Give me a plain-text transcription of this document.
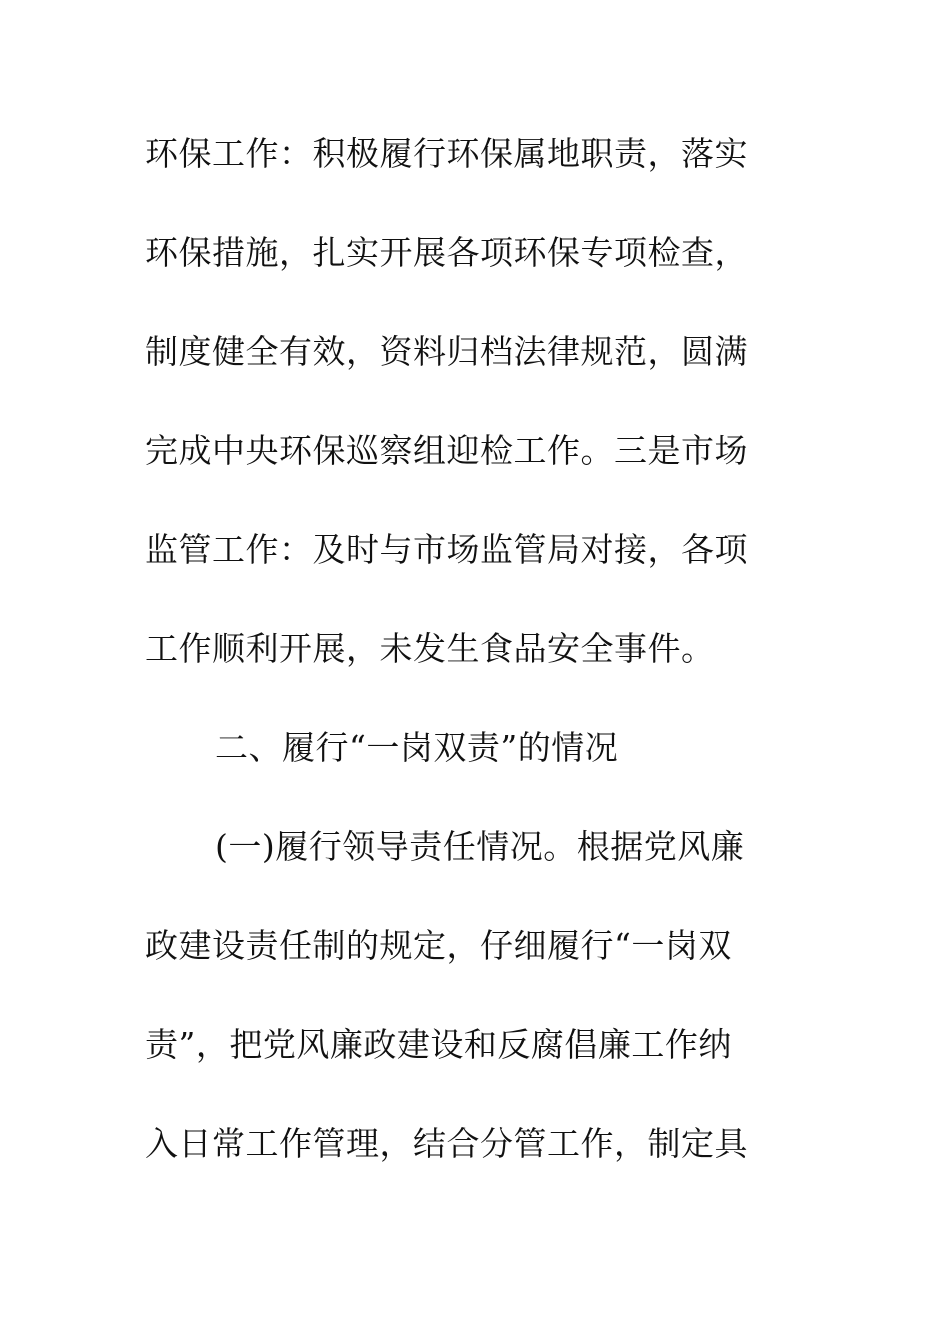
环保工作：积极履行环保属地职责，落实
环保措施，扎实开展各项环保专项检查，
制度健全有效，资料归档法律规范，圆满
完成中央环保巡察组迎检工作。三是市场
监管工作：及时与市场监管局对接，各项
工作顺利开展，未发生食品安全事件。
二、履行“一岗双责”的情况
(一)履行领导责任情况。根据党风廉
政建设责任制的规定，仔细履行“一岗双
责”，把党风廉政建设和反腐倡廉工作纳
入日常工作管理，结合分管工作，制定具
